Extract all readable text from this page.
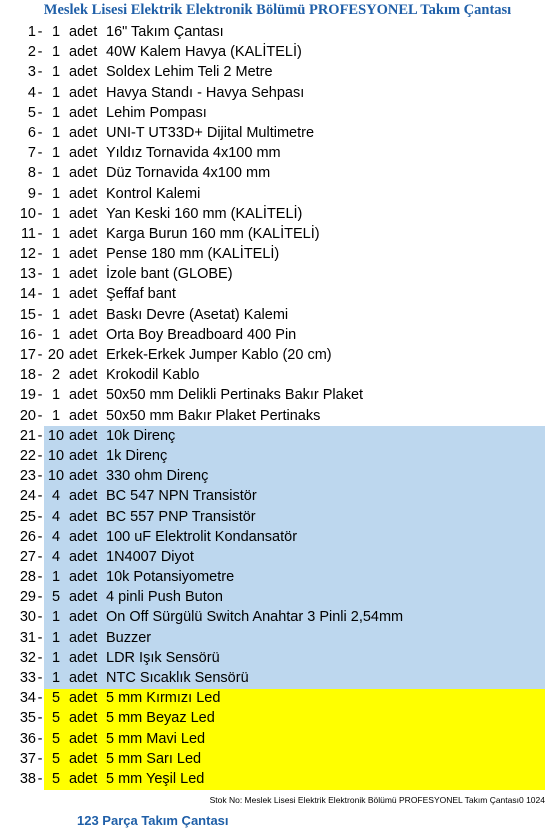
Meslek Lisesi Elektrik Elektronik Bölümü PROFESYONEL Takım Çantası
1 - 1 adet 16" Takım Çantası
2 - 1 adet 40W Kalem Havya (KALİTELİ)
3 - 1 adet Soldex Lehim Teli 2 Metre
4 - 1 adet Havya Standı - Havya Sehpası
5 - 1 adet Lehim Pompası
6 - 1 adet UNI-T UT33D+ Dijital Multimetre
7 - 1 adet Yıldız Tornavida 4x100 mm
8 - 1 adet Düz Tornavida 4x100 mm
9 - 1 adet Kontrol Kalemi
10 - 1 adet Yan Keski 160 mm (KALİTELİ)
11 - 1 adet Karga Burun 160 mm (KALİTELİ)
12 - 1 adet Pense 180 mm (KALİTELİ)
13 - 1 adet İzole bant (GLOBE)
14 - 1 adet Şeffaf bant
15 - 1 adet Baskı Devre (Asetat) Kalemi
16 - 1 adet Orta Boy Breadboard 400 Pin
17 - 20 adet Erkek-Erkek Jumper Kablo (20 cm)
18 - 2 adet Krokodil Kablo
19 - 1 adet 50x50 mm Delikli Pertinaks Bakır Plaket
20 - 1 adet 50x50 mm Bakır Plaket Pertinaks
21 - 10 adet 10k Direnç
22 - 10 adet 1k Direnç
23 - 10 adet 330 ohm Direnç
24 - 4 adet BC 547 NPN Transistör
25 - 4 adet BC 557 PNP Transistör
26 - 4 adet 100 uF Elektrolit Kondansatör
27 - 4 adet 1N4007 Diyot
28 - 1 adet 10k Potansiyometre
29 - 5 adet 4 pinli Push Buton
30 - 1 adet On Off Sürgülü Switch Anahtar 3 Pinli 2,54mm
31 - 1 adet Buzzer
32 - 1 adet LDR Işık Sensörü
33 - 1 adet NTC Sıcaklık Sensörü
34 - 5 adet 5 mm Kırmızı Led
35 - 5 adet 5 mm Beyaz Led
36 - 5 adet 5 mm Mavi Led
37 - 5 adet 5 mm Sarı Led
38 - 5 adet 5 mm Yeşil Led
Stok No: Meslek Lisesi Elektrik Elektronik Bölümü PROFESYONEL Takım Çantası0 1024
123 Parça Takım Çantası
